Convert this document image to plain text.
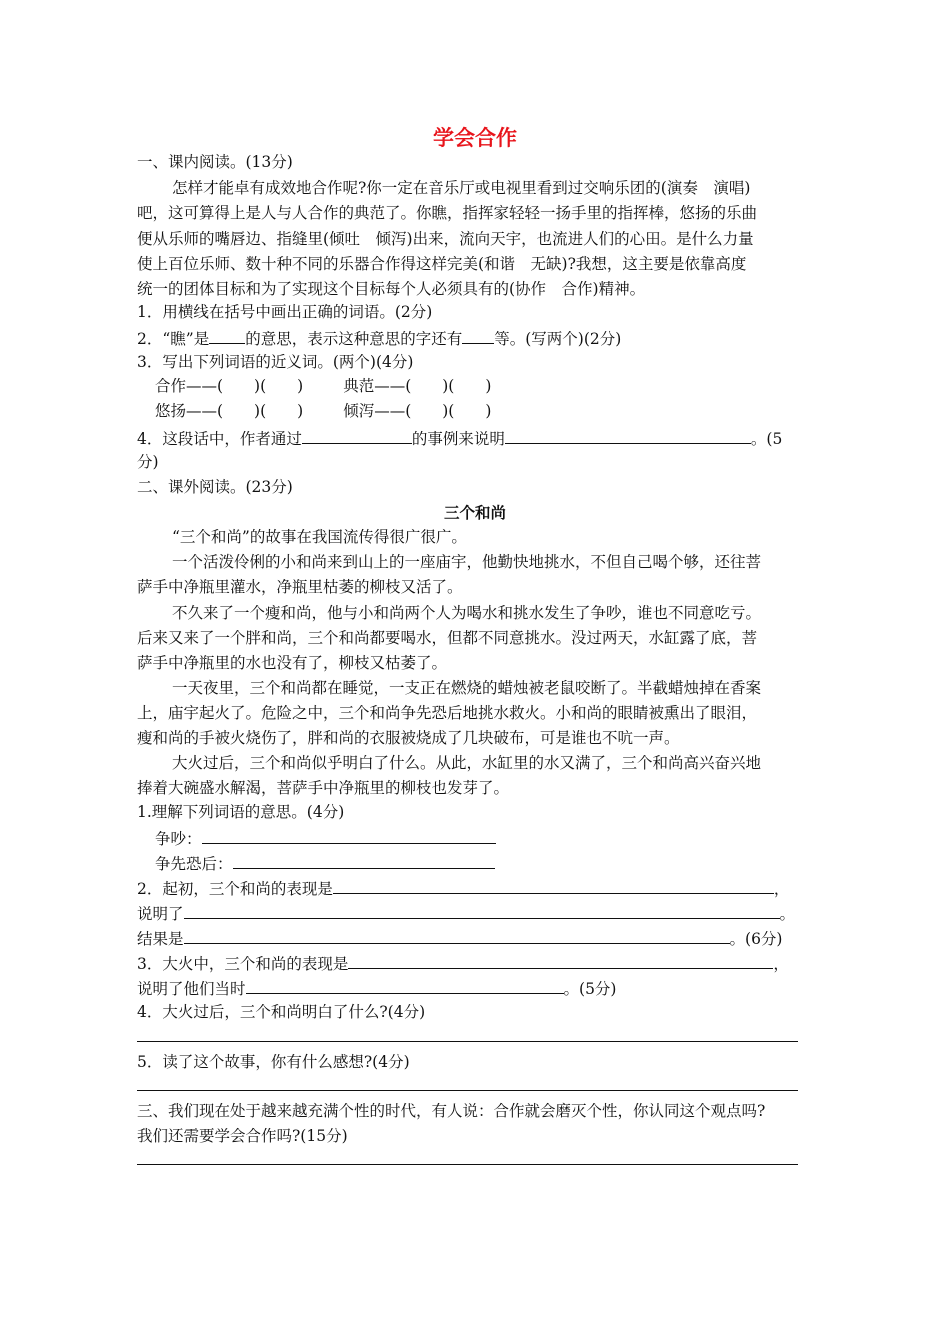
学会合作
一、课内阅读。(13分)
怎样才能卓有成效地合作呢?你一定在音乐厅或电视里看到过交响乐团的(演奏　演唱)
吧，这可算得上是人与人合作的典范了。你瞧，指挥家轻轻一扬手里的指挥棒，悠扬的乐曲
便从乐师的嘴唇边、指缝里(倾吐　倾泻)出来，流向天宇，也流进人们的心田。是什么力量
使上百位乐师、数十种不同的乐器合作得这样完美(和谐　无缺)?我想，这主要是依靠高度
统一的团体目标和为了实现这个目标每个人必须具有的(协作　合作)精神。
1．用横线在括号中画出正确的词语。(2分)
2．“瞧”是 的意思，表示这种意思的字还有 等。(写两个)(2分)
3．写出下列词语的近义词。(两个)(4分)
合作——(　　)(　　)	典范——(　　)(　　)
悠扬——(　　)(　　)	倾泻——(　　)(　　)
4．这段话中，作者通过	的事例来说明	。(5
分)
二、课外阅读。(23分)
三个和尚
“三个和尚”的故事在我国流传得很广很广。
一个活泼伶俐的小和尚来到山上的一座庙宇，他勤快地挑水，不但自己喝个够，还往菩
萨手中净瓶里灌水，净瓶里枯萎的柳枝又活了。
不久来了一个瘦和尚，他与小和尚两个人为喝水和挑水发生了争吵，谁也不同意吃亏。
后来又来了一个胖和尚，三个和尚都要喝水，但都不同意挑水。没过两天，水缸露了底，菩
萨手中净瓶里的水也没有了，柳枝又枯萎了。
一天夜里，三个和尚都在睡觉，一支正在燃烧的蜡烛被老鼠咬断了。半截蜡烛掉在香案
上，庙宇起火了。危险之中，三个和尚争先恐后地挑水救火。小和尚的眼睛被熏出了眼泪，
瘦和尚的手被火烧伤了，胖和尚的衣服被烧成了几块破布，可是谁也不吭一声。
大火过后，三个和尚似乎明白了什么。从此，水缸里的水又满了，三个和尚高兴奋兴地
捧着大碗盛水解渴，菩萨手中净瓶里的柳枝也发芽了。
1.理解下列词语的意思。(4分)
争吵：
争先恐后：
2．起初，三个和尚的表现是	，
说明了	。
结果是	。(6分)
3．大火中，三个和尚的表现是	，
说明了他们当时	。(5分)
4．大火过后，三个和尚明白了什么?(4分)
5．读了这个故事，你有什么感想?(4分)
三、我们现在处于越来越充满个性的时代，有人说：合作就会磨灭个性，你认同这个观点吗?
我们还需要学会合作吗?(15分)
